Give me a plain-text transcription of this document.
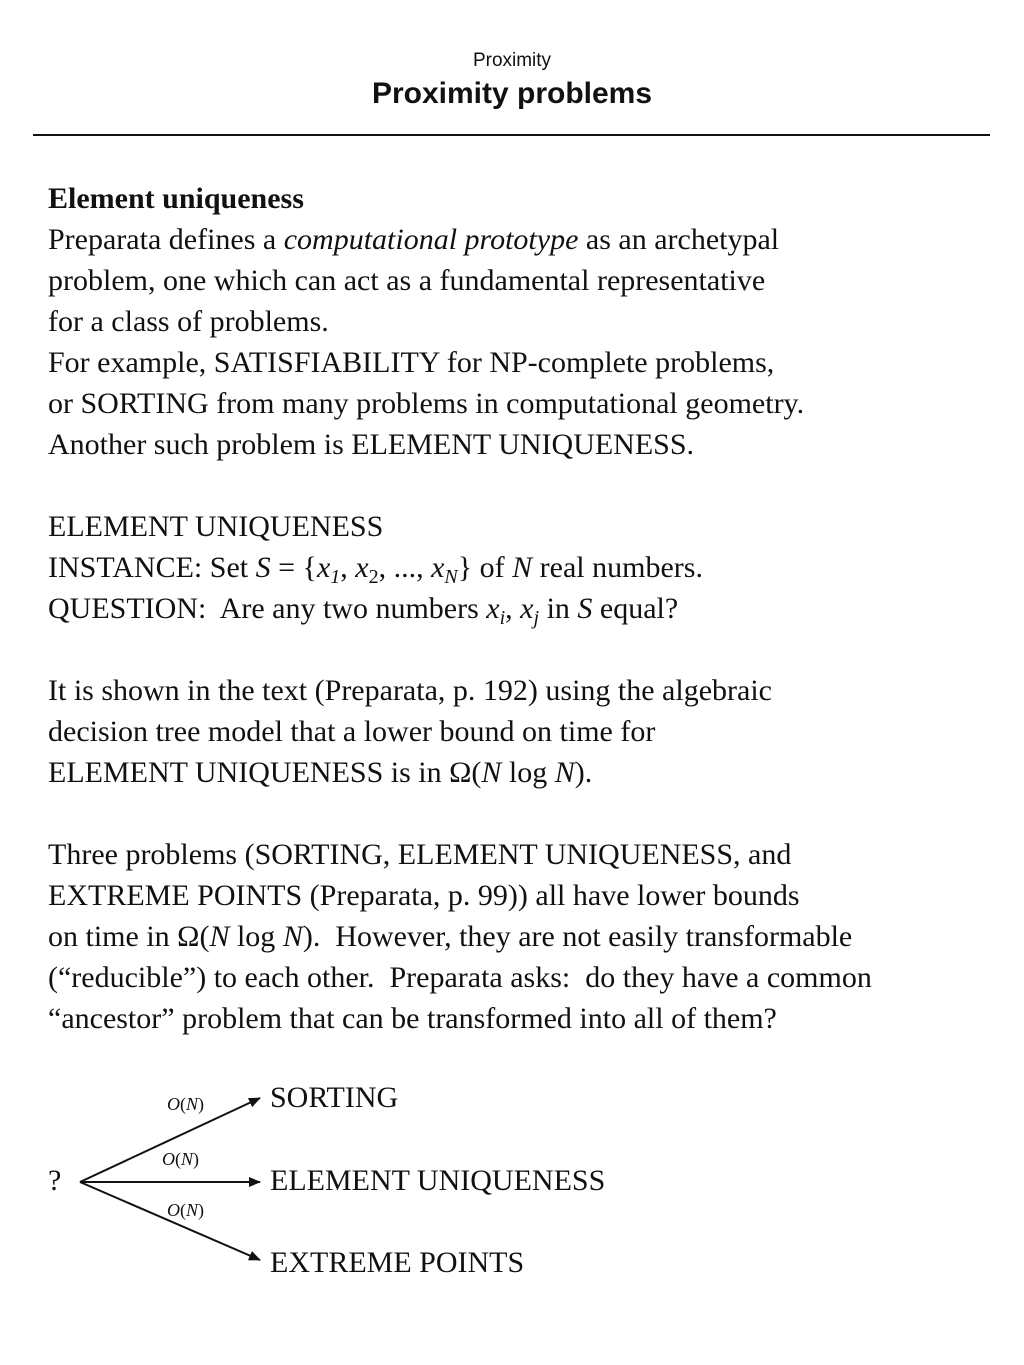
Proximity
Proximity problems
Element uniqueness
Preparata defines a computational prototype as an archetypal
problem, one which can act as a fundamental representative
for a class of problems.
For example, SATISFIABILITY for NP-complete problems,
or SORTING from many problems in computational geometry.
Another such problem is ELEMENT UNIQUENESS.
ELEMENT UNIQUENESS
INSTANCE: Set $S = \{x_1$, $x_2$, ..., $x_N$} of N real numbers.
QUESTION:  Are any two numbers $x_i$, $x_j$ in S equal?
It is shown in the text (Preparata, p. 192) using the algebraic
decision tree model that a lower bound on time for
ELEMENT UNIQUENESS is in Ω(N log N).
Three problems (SORTING, ELEMENT UNIQUENESS, and
EXTREME POINTS (Preparata, p. 99)) all have lower bounds
on time in Ω(N log N).  However, they are not easily transformable
(“reducible”) to each other.  Preparata asks:  do they have a common
“ancestor” problem that can be transformed into all of them?
?
O(N)
O(N)
O(N)
SORTING
ELEMENT UNIQUENESS
EXTREME POINTS
